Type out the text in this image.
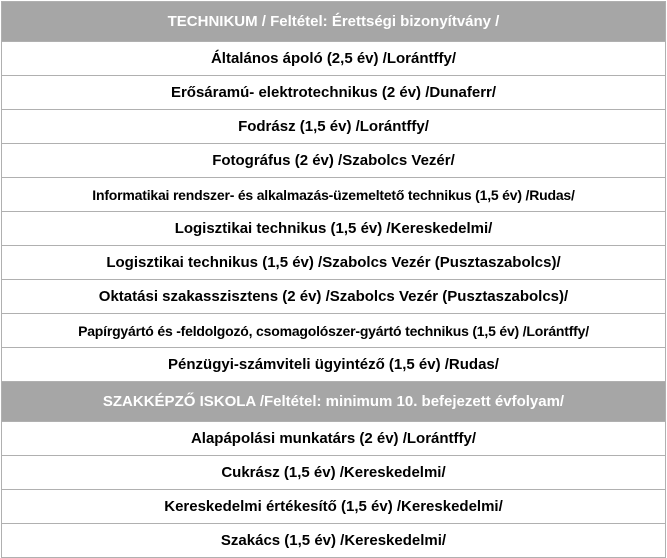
TECHNIKUM / Feltétel: Érettségi bizonyítvány /
Általános ápoló (2,5 év) /Lorántffy/
Erősáramú- elektrotechnikus (2 év) /Dunaferr/
Fodrász (1,5 év) /Lorántffy/
Fotográfus (2 év) /Szabolcs Vezér/
Informatikai rendszer- és alkalmazás-üzemeltető technikus (1,5 év) /Rudas/
Logisztikai technikus (1,5 év) /Kereskedelmi/
Logisztikai technikus (1,5 év) /Szabolcs Vezér (Pusztaszabolcs)/
Oktatási szakasszisztens (2 év) /Szabolcs Vezér (Pusztaszabolcs)/
Papírgyártó és -feldolgozó, csomagolószer-gyártó technikus (1,5 év) /Lorántffy/
Pénzügyi-számviteli ügyintéző (1,5 év) /Rudas/
SZAKKÉPZŐ ISKOLA /Feltétel: minimum 10. befejezett évfolyam/
Alapápolási munkatárs (2 év) /Lorántffy/
Cukrász (1,5 év) /Kereskedelmi/
Kereskedelmi értékesítő (1,5 év) /Kereskedelmi/
Szakács (1,5 év) /Kereskedelmi/
